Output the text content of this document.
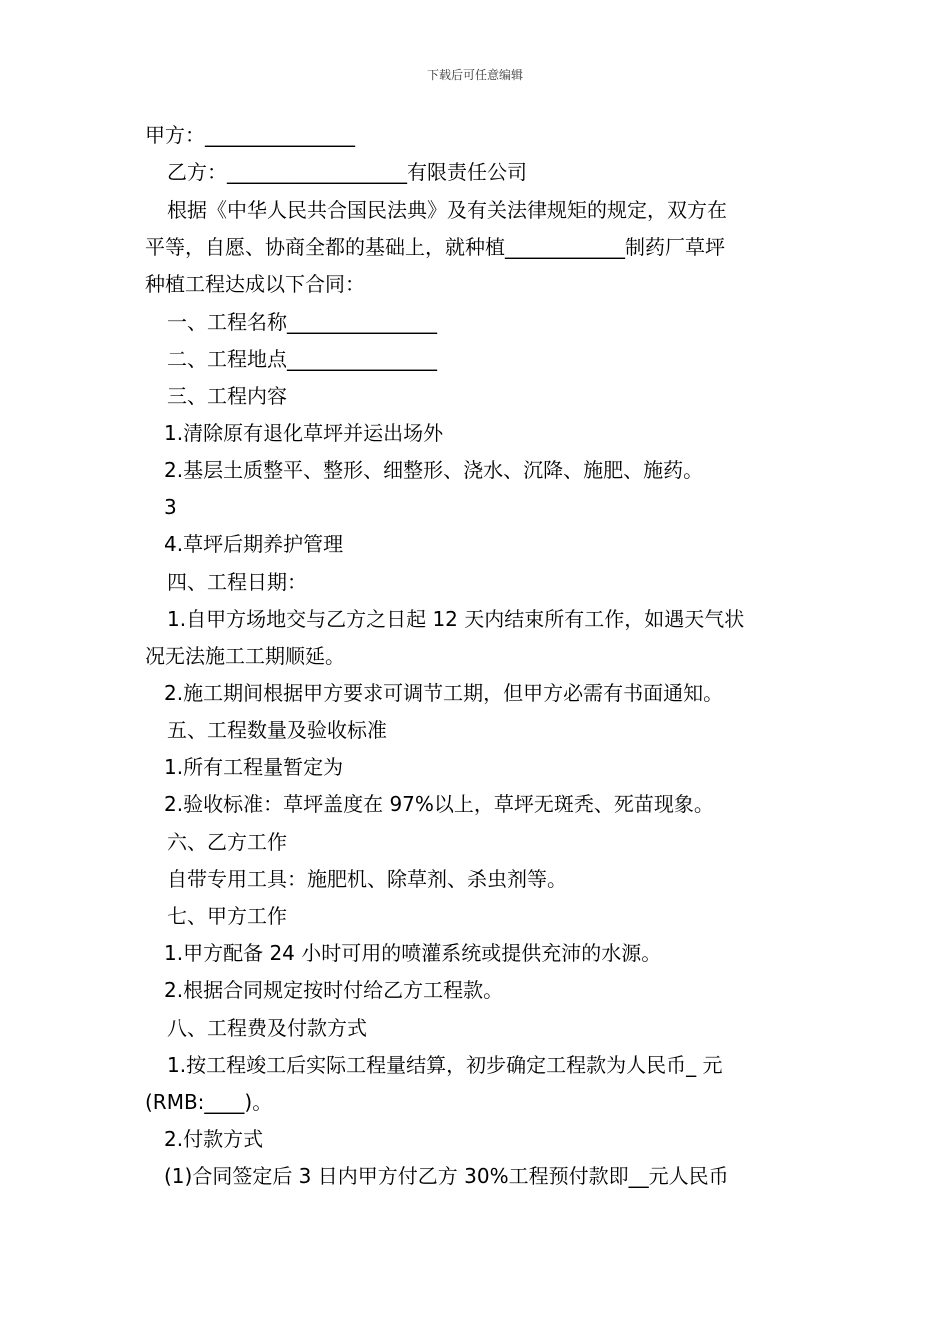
下载后可任意编辑
甲方：_______________
乙方：__________________有限责任公司
根据《中华人民共合国民法典》及有关法律规矩的规定，双方在
平等，自愿、协商全都的基础上，就种植____________制药厂草坪
种植工程达成以下合同：
一、工程名称_______________
二、工程地点_______________
三、工程内容
1.清除原有退化草坪并运出场外
2.基层土质整平、整形、细整形、浇水、沉降、施肥、施药。
3
4.草坪后期养护管理
四、工程日期：
1.自甲方场地交与乙方之日起 12 天内结束所有工作，如遇天气状
况无法施工工期顺延。
2.施工期间根据甲方要求可调节工期，但甲方必需有书面通知。
五、工程数量及验收标准
1.所有工程量暂定为
2.验收标准：草坪盖度在 97%以上，草坪无斑秃、死苗现象。
六、乙方工作
自带专用工具：施肥机、除草剂、杀虫剂等。
七、甲方工作
1.甲方配备 24 小时可用的喷灌系统或提供充沛的水源。
2.根据合同规定按时付给乙方工程款。
八、工程费及付款方式
1.按工程竣工后实际工程量结算，初步确定工程款为人民币_ 元
(RMB:____)。
2.付款方式
(1)合同签定后 3 日内甲方付乙方 30%工程预付款即__元人民币
